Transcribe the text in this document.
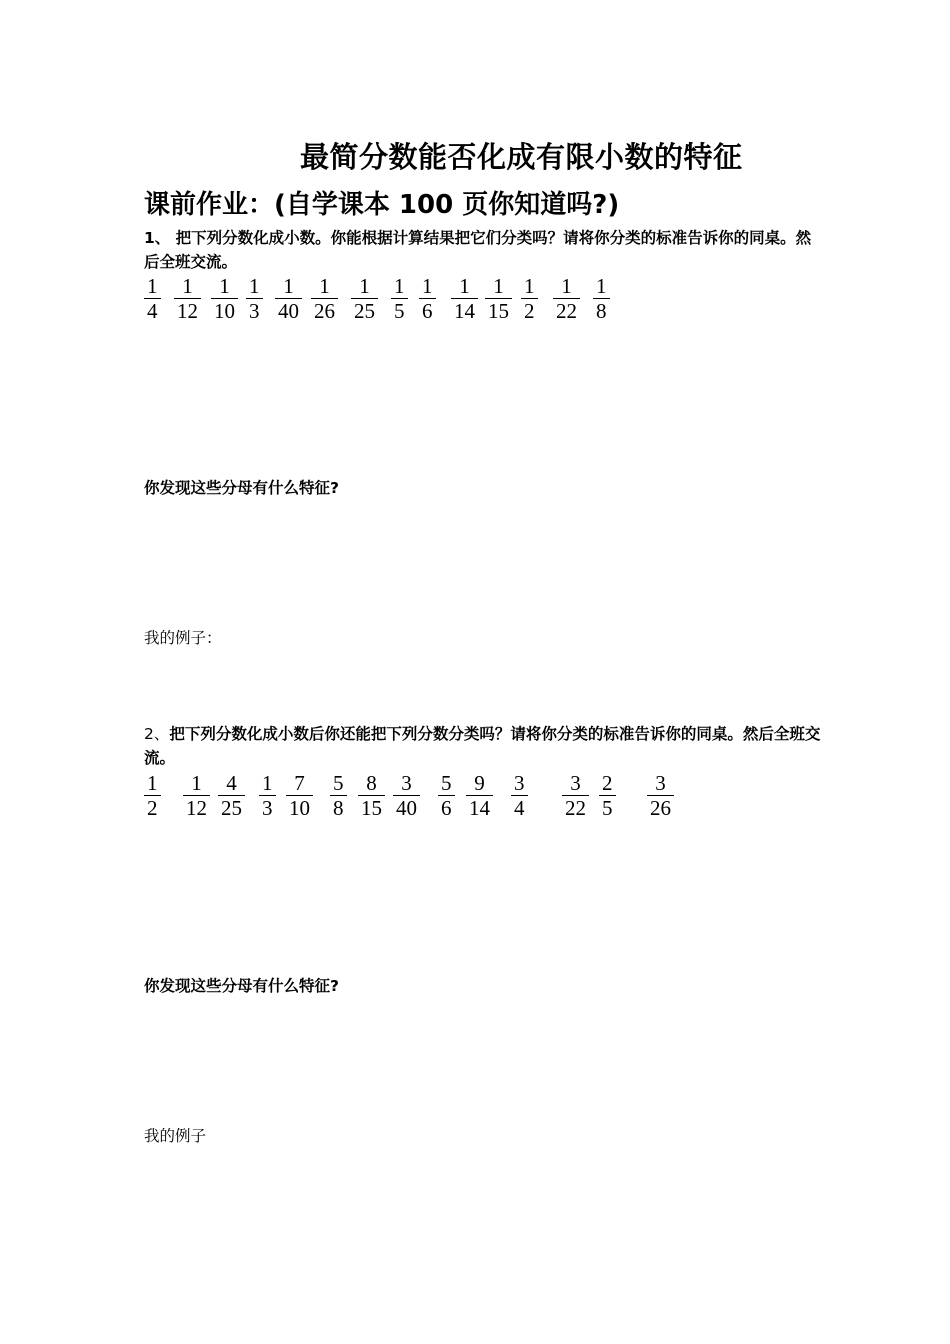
最简分数能否化成有限小数的特征
课前作业：(自学课本 100 页你知道吗?)
1、 把下列分数化成小数。你能根据计算结果把它们分类吗？请将你分类的标准告诉你的同桌。然后全班交流。
1
4
1
12
1
10
1
3
1
40
1
26
1
25
1
5
1
6
1
14
1
15
1
2
1
22
1
8
你发现这些分母有什么特征?
我的例子：
2、把下列分数化成小数后你还能把下列分数分类吗？请将你分类的标准告诉你的同桌。然后全班交流。
1
2
1
12
4
25
1
3
7
10
5
8
8
15
3
40
5
6
9
14
3
4
3
22
2
5
3
26
你发现这些分母有什么特征?
我的例子
